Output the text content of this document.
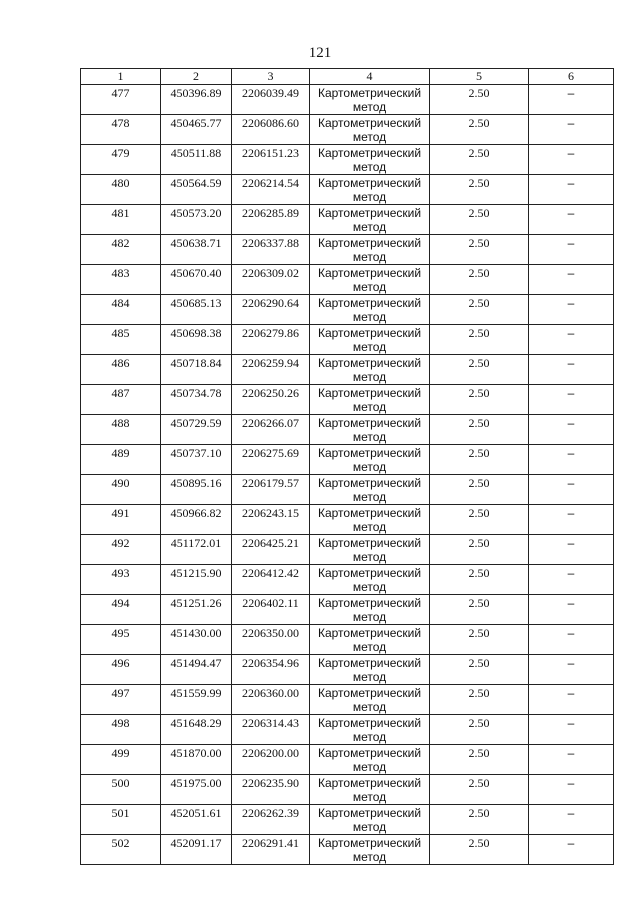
121
1	2	3	4	5	6
477	450396.89	2206039.49	Картометрический метод	2.50	–
478	450465.77	2206086.60	Картометрический метод	2.50	–
479	450511.88	2206151.23	Картометрический метод	2.50	–
480	450564.59	2206214.54	Картометрический метод	2.50	–
481	450573.20	2206285.89	Картометрический метод	2.50	–
482	450638.71	2206337.88	Картометрический метод	2.50	–
483	450670.40	2206309.02	Картометрический метод	2.50	–
484	450685.13	2206290.64	Картометрический метод	2.50	–
485	450698.38	2206279.86	Картометрический метод	2.50	–
486	450718.84	2206259.94	Картометрический метод	2.50	–
487	450734.78	2206250.26	Картометрический метод	2.50	–
488	450729.59	2206266.07	Картометрический метод	2.50	–
489	450737.10	2206275.69	Картометрический метод	2.50	–
490	450895.16	2206179.57	Картометрический метод	2.50	–
491	450966.82	2206243.15	Картометрический метод	2.50	–
492	451172.01	2206425.21	Картометрический метод	2.50	–
493	451215.90	2206412.42	Картометрический метод	2.50	–
494	451251.26	2206402.11	Картометрический метод	2.50	–
495	451430.00	2206350.00	Картометрический метод	2.50	–
496	451494.47	2206354.96	Картометрический метод	2.50	–
497	451559.99	2206360.00	Картометрический метод	2.50	–
498	451648.29	2206314.43	Картометрический метод	2.50	–
499	451870.00	2206200.00	Картометрический метод	2.50	–
500	451975.00	2206235.90	Картометрический метод	2.50	–
501	452051.61	2206262.39	Картометрический метод	2.50	–
502	452091.17	2206291.41	Картометрический метод	2.50	–
